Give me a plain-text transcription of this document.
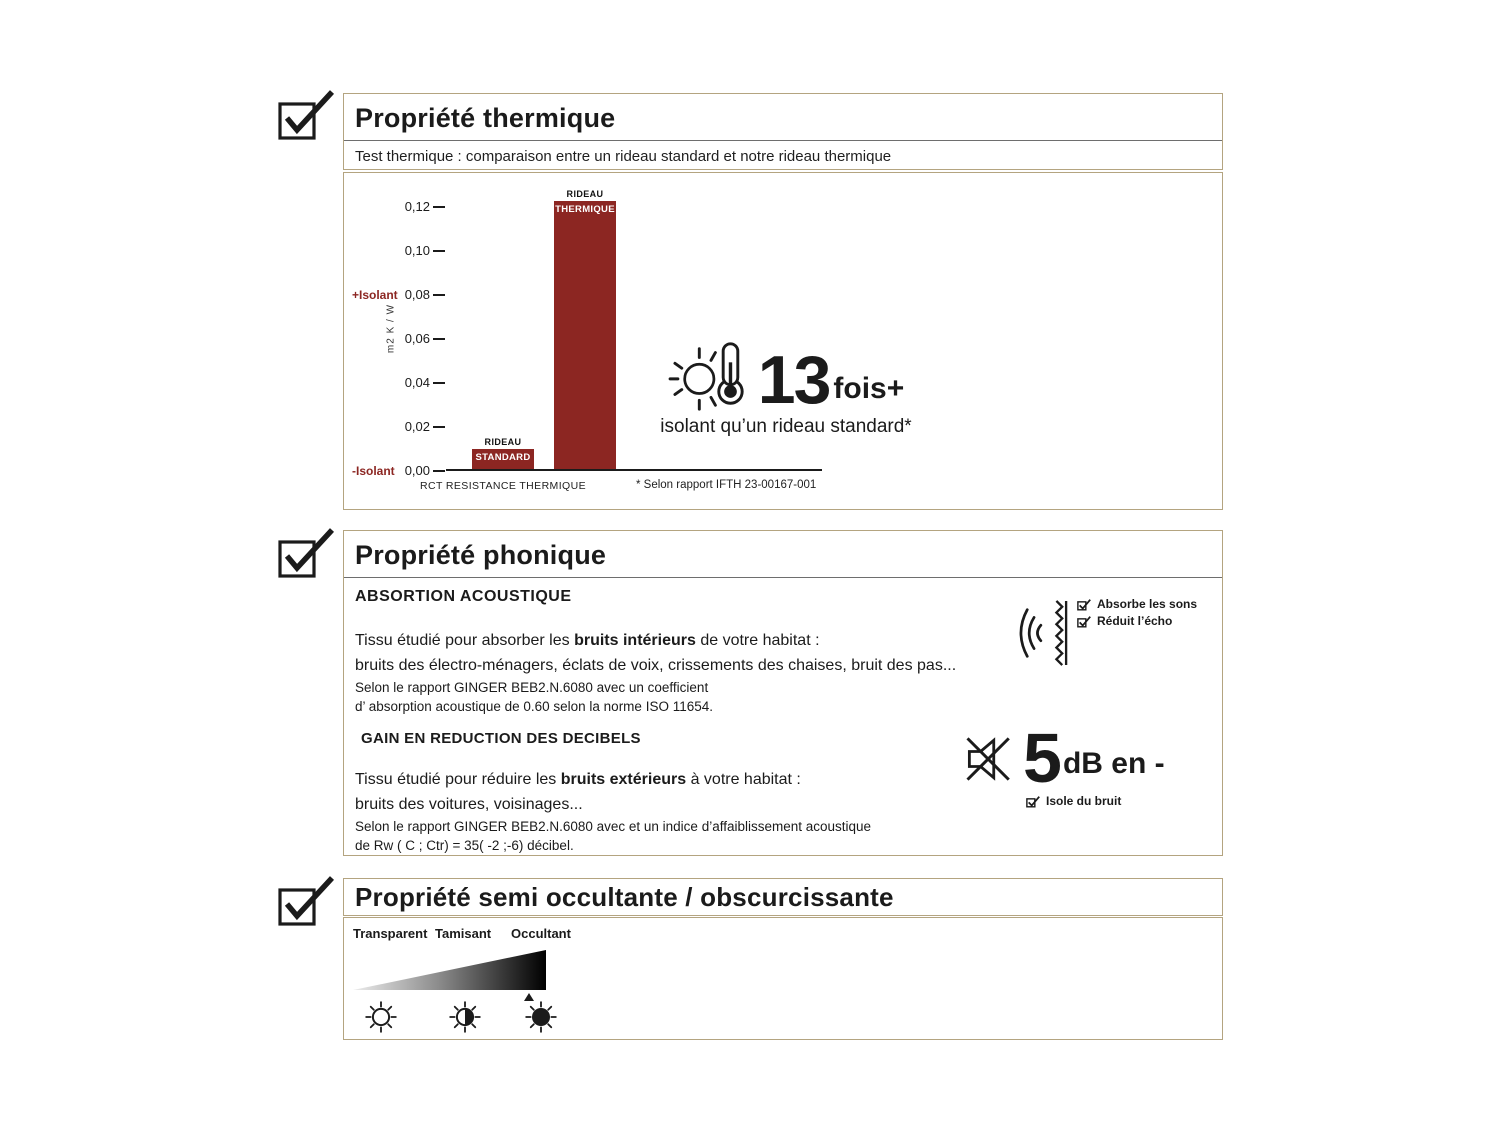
Propriété thermique
Test thermique : comparaison entre un rideau standard et notre rideau thermique
m2 K / W
0,12
0,10
0,08
0,06
0,04
0,02
0,00
+Isolant
-Isolant
RIDEAU
STANDARD
RIDEAU
THERMIQUE
RCT RESISTANCE THERMIQUE	* Selon rapport IFTH 23-00167-001
13 fois+
isolant qu’un rideau standard*
Propriété phonique
ABSORTION ACOUSTIQUE

Tissu étudié pour absorber les bruits intérieurs de votre habitat :

bruits des électro-ménagers, éclats de voix, crissements des chaises, bruit des pas...

Selon le rapport GINGER BEB2.N.6080 avec un coefficient

d’ absorption acoustique de 0.60 selon la norme ISO 11654.

GAIN EN REDUCTION DES DECIBELS

Tissu étudié pour réduire les bruits extérieurs à votre habitat :

bruits des voitures, voisinages...

Selon le rapport GINGER BEB2.N.6080 avec et un indice d’affaiblissement acoustique

de Rw ( C ; Ctr) = 35( -2 ;-6) décibel.

Absorbe les sons
Réduit l’écho
5 dB en -
Isole du bruit
Propriété semi occultante / obscurcissante
Transparent Tamisant Occultant
